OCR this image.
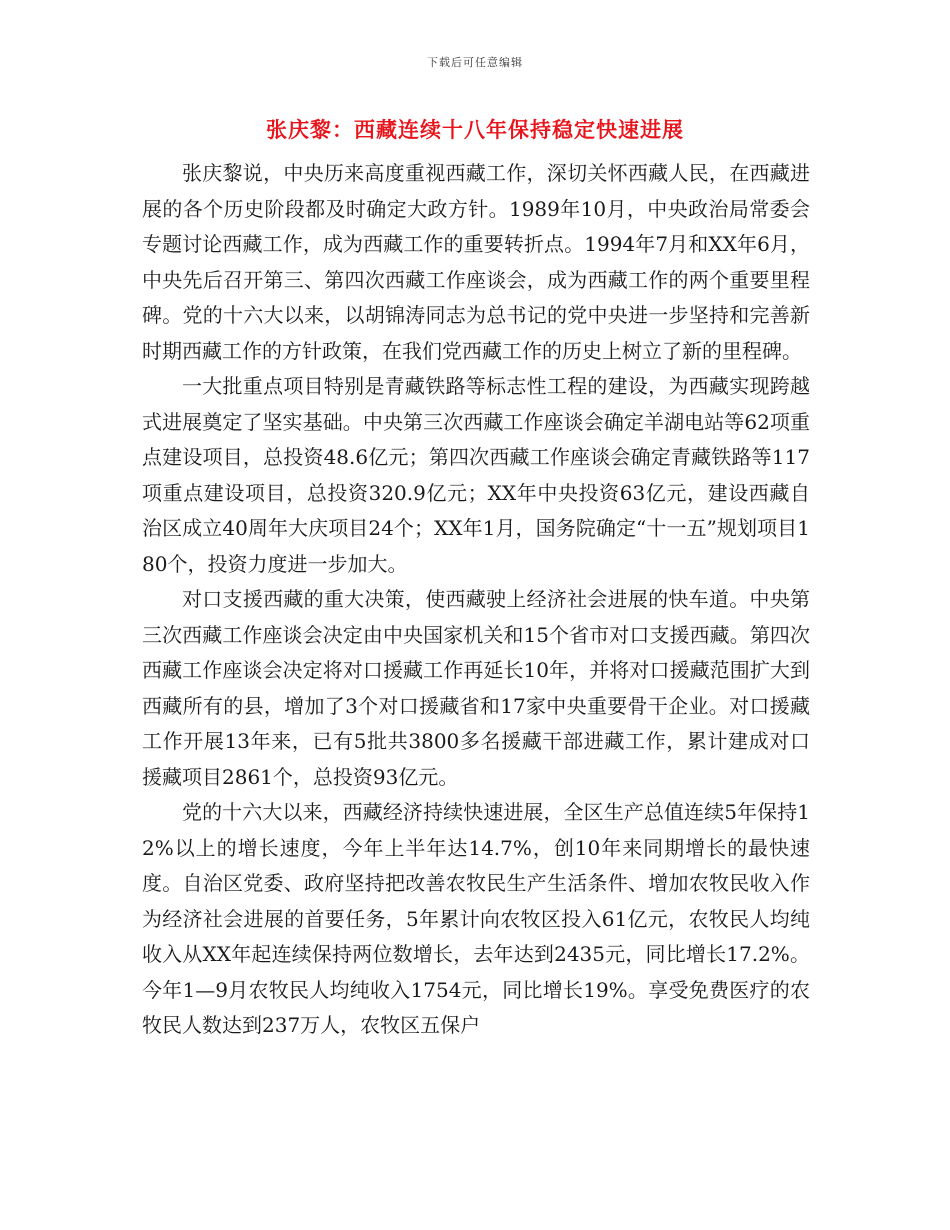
下载后可任意编辑
张庆黎：西藏连续十八年保持稳定快速进展

张庆黎说，中央历来高度重视西藏工作，深切关怀西藏人民，在西藏进展的各个历史阶段都及时确定大政方针。1989年10月，中央政治局常委会专题讨论西藏工作，成为西藏工作的重要转折点。1994年7月和XX年6月，中央先后召开第三、第四次西藏工作座谈会，成为西藏工作的两个重要里程碑。党的十六大以来，以胡锦涛同志为总书记的党中央进一步坚持和完善新时期西藏工作的方针政策，在我们党西藏工作的历史上树立了新的里程碑。

一大批重点项目特别是青藏铁路等标志性工程的建设，为西藏实现跨越式进展奠定了坚实基础。中央第三次西藏工作座谈会确定羊湖电站等62项重点建设项目，总投资48.6亿元；第四次西藏工作座谈会确定青藏铁路等117项重点建设项目，总投资320.9亿元；XX年中央投资63亿元，建设西藏自治区成立40周年大庆项目24个；XX年1月，国务院确定“十一五”规划项目180个，投资力度进一步加大。

对口支援西藏的重大决策，使西藏驶上经济社会进展的快车道。中央第三次西藏工作座谈会决定由中央国家机关和15个省市对口支援西藏。第四次西藏工作座谈会决定将对口援藏工作再延长10年，并将对口援藏范围扩大到西藏所有的县，增加了3个对口援藏省和17家中央重要骨干企业。对口援藏工作开展13年来，已有5批共3800多名援藏干部进藏工作，累计建成对口援藏项目2861个，总投资93亿元。

党的十六大以来，西藏经济持续快速进展，全区生产总值连续5年保持12%以上的增长速度，今年上半年达14.7%，创10年来同期增长的最快速度。自治区党委、政府坚持把改善农牧民生产生活条件、增加农牧民收入作为经济社会进展的首要任务，5年累计向农牧区投入61亿元，农牧民人均纯收入从XX年起连续保持两位数增长，去年达到2435元，同比增长17.2%。今年1—9月农牧民人均纯收入1754元，同比增长19%。享受免费医疗的农牧民人数达到237万人，农牧区五保户
